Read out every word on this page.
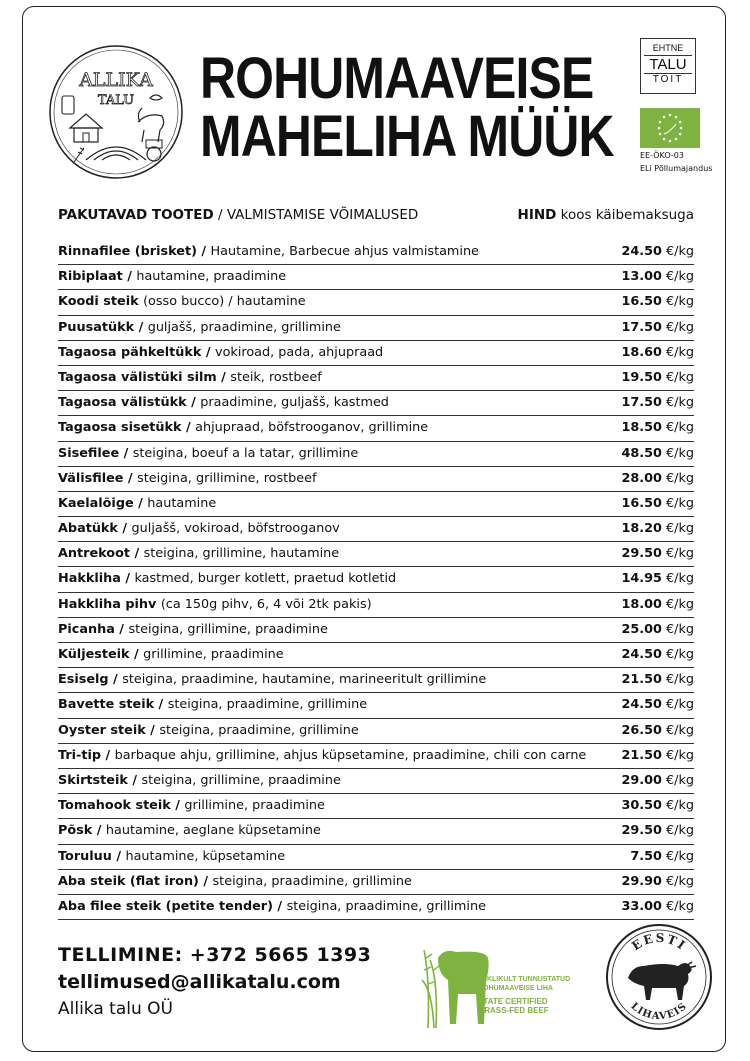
ALLIKA
TALU ROHUMAAVEISE
MAHELIHA MÜÜK
EHTNE
TALU
TOIT
EE-ÖKO-03
ELi Põllumajandus
PAKUTAVAD TOOTED / VALMISTAMISE VÕIMALUSED	HIND koos käibemaksuga
Rinnafilee (brisket) / Hautamine, Barbecue ahjus valmistamine	24.50 €/kg
Ribiplaat / hautamine, praadimine	13.00 €/kg
Koodi steik (osso bucco) / hautamine	16.50 €/kg
Puusatükk / guljašš, praadimine, grillimine	17.50 €/kg
Tagaosa pähkeltükk / vokiroad, pada, ahjupraad	18.60 €/kg
Tagaosa välistüki silm / steik, rostbeef	19.50 €/kg
Tagaosa välistükk / praadimine, guljašš, kastmed	17.50 €/kg
Tagaosa sisetükk / ahjupraad, böfstrooganov, grillimine	18.50 €/kg
Sisefilee / steigina, boeuf a la tatar, grillimine	48.50 €/kg
Välisfilee / steigina, grillimine, rostbeef	28.00 €/kg
Kaelalõige / hautamine	16.50 €/kg
Abatükk / guljašš, vokiroad, böfstrooganov	18.20 €/kg
Antrekoot / steigina, grillimine, hautamine	29.50 €/kg
Hakkliha / kastmed, burger kotlett, praetud kotletid	14.95 €/kg
Hakkliha pihv (ca 150g pihv, 6, 4 või 2tk pakis)	18.00 €/kg
Picanha / steigina, grillimine, praadimine	25.00 €/kg
Küljesteik / grillimine, praadimine	24.50 €/kg
Esiselg / steigina, praadimine, hautamine, marineeritult grillimine	21.50 €/kg
Bavette steik / steigina, praadimine, grillimine	24.50 €/kg
Oyster steik / steigina, praadimine, grillimine	26.50 €/kg
Tri-tip / barbaque ahju, grillimine, ahjus küpsetamine, praadimine, chili con carne	21.50 €/kg
Skirtsteik / steigina, grillimine, praadimine	29.00 €/kg
Tomahook steik / grillimine, praadimine	30.50 €/kg
Põsk / hautamine, aeglane küpsetamine	29.50 €/kg
Toruluu / hautamine, küpsetamine	7.50 €/kg
Aba steik (flat iron) / steigina, praadimine, grillimine	29.90 €/kg
Aba filee steik (petite tender) / steigina, praadimine, grillimine	33.00 €/kg
TELLIMINE: +372 5665 1393
tellimused@allikatalu.com
Allika talu OÜ
RIIKLIKULT TUNNUSTATUD
ROHUMAAVEISE LIHA
STATE CERTIFIED
GRASS-FED BEEF
EESTI
LIHAVEIS
